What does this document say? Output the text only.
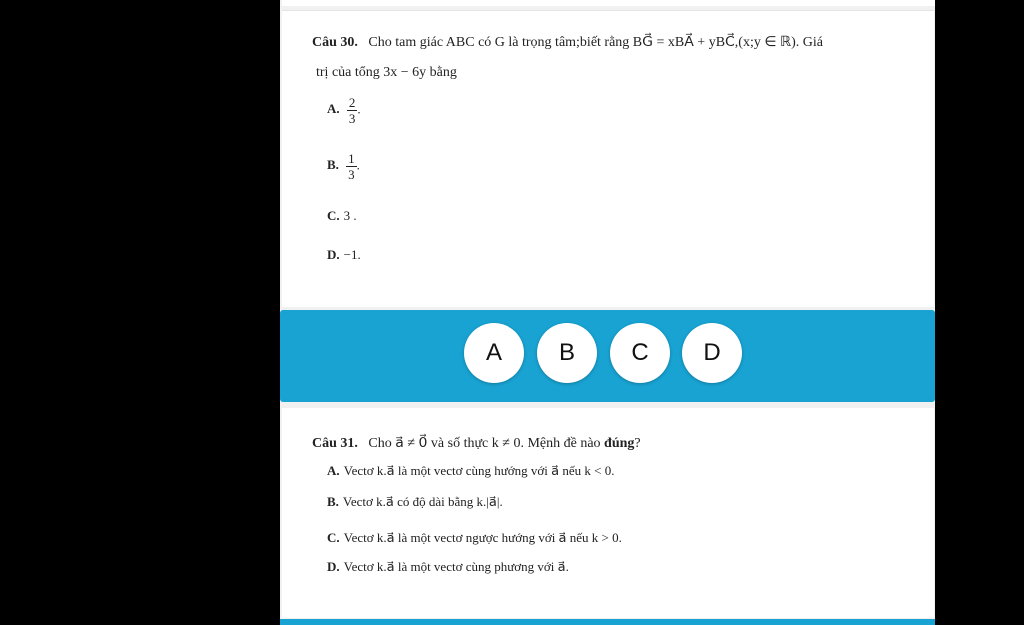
Câu 30. Cho tam giác ABC có G là trọng tâm;biết rằng BG⃗ = xBA⃗ + yBC⃗,(x;y ∈ ℝ). Giá
trị của tổng 3x − 6y bằng
A. $\frac{2}{3}$ .
B. $\frac{1}{3}$ .
C. 3 .
D. −1.
A	B	C	D
Câu 31. Cho a⃗ ≠ 0⃗ và số thực k ≠ 0. Mệnh đề nào đúng?
A. Vectơ k.a⃗ là một vectơ cùng hướng với a⃗ nếu k < 0.
B. Vectơ k.a⃗ có độ dài bằng k.|a⃗|.
C. Vectơ k.a⃗ là một vectơ ngược hướng với a⃗ nếu k > 0.
D. Vectơ k.a⃗ là một vectơ cùng phương với a⃗.
